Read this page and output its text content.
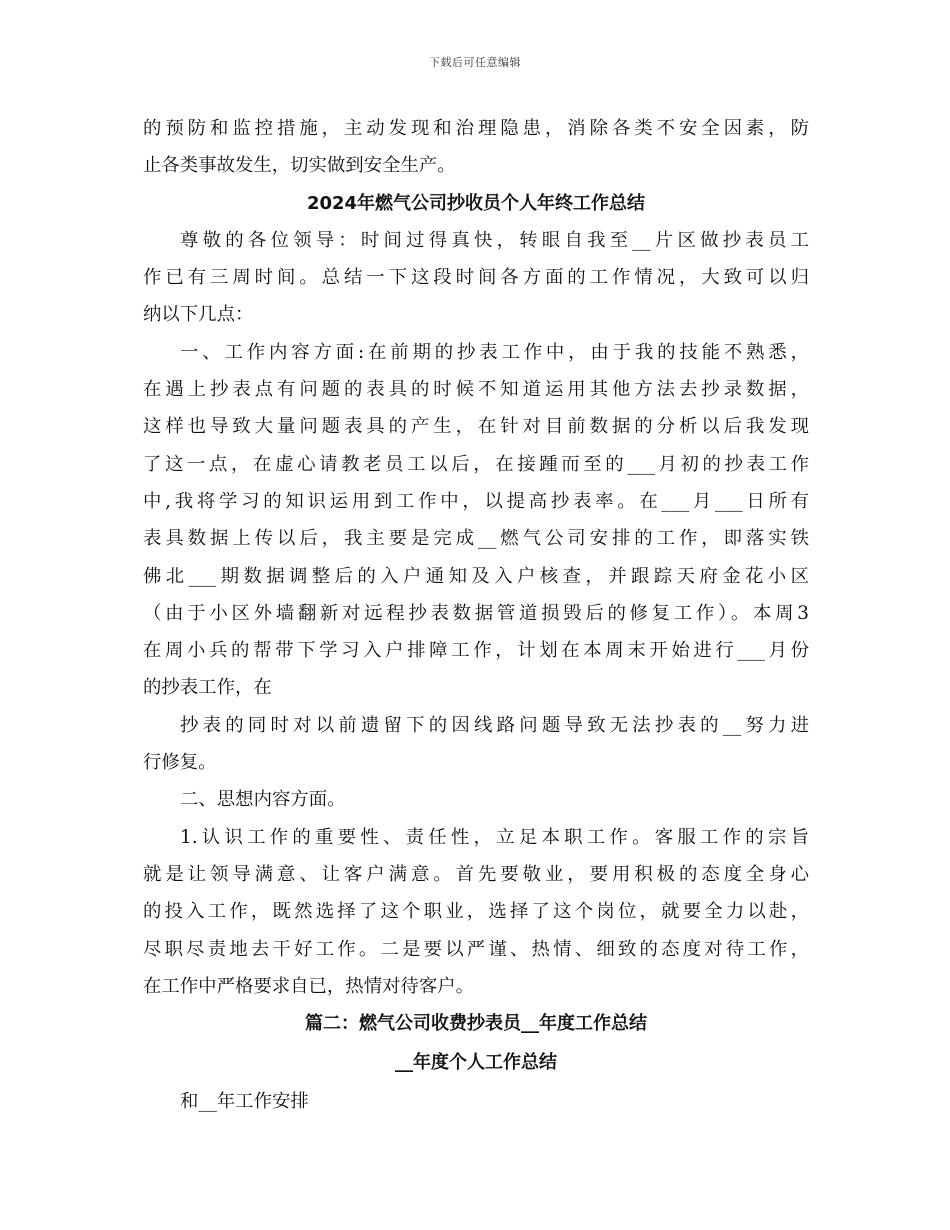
下载后可任意编辑
的预防和监控措施，主动发现和治理隐患，消除各类不安全因素，防
止各类事故发生，切实做到安全生产。
2024年燃气公司抄收员个人年终工作总结
尊敬的各位领导：时间过得真快，转眼自我至__片区做抄表员工
作已有三周时间。总结一下这段时间各方面的工作情况，大致可以归
纳以下几点：
一、工作内容方面:在前期的抄表工作中，由于我的技能不熟悉，
在遇上抄表点有问题的表具的时候不知道运用其他方法去抄录数据，
这样也导致大量问题表具的产生，在针对目前数据的分析以后我发现
了这一点，在虚心请教老员工以后，在接踵而至的___月初的抄表工作
中,我将学习的知识运用到工作中，以提高抄表率。在___月___日所有
表具数据上传以后，我主要是完成__燃气公司安排的工作，即落实铁
佛北___期数据调整后的入户通知及入户核查，并跟踪天府金花小区
（由于小区外墙翻新对远程抄表数据管道损毁后的修复工作）。本周3
在周小兵的帮带下学习入户排障工作，计划在本周末开始进行___月份
的抄表工作，在
抄表的同时对以前遗留下的因线路问题导致无法抄表的__努力进
行修复。
二、思想内容方面。
1.认识工作的重要性、责任性，立足本职工作。客服工作的宗旨
就是让领导满意、让客户满意。首先要敬业，要用积极的态度全身心
的投入工作，既然选择了这个职业，选择了这个岗位，就要全力以赴，
尽职尽责地去干好工作。二是要以严谨、热情、细致的态度对待工作，
在工作中严格要求自已，热情对待客户。
篇二：燃气公司收费抄表员__年度工作总结
__年度个人工作总结
和__年工作安排
